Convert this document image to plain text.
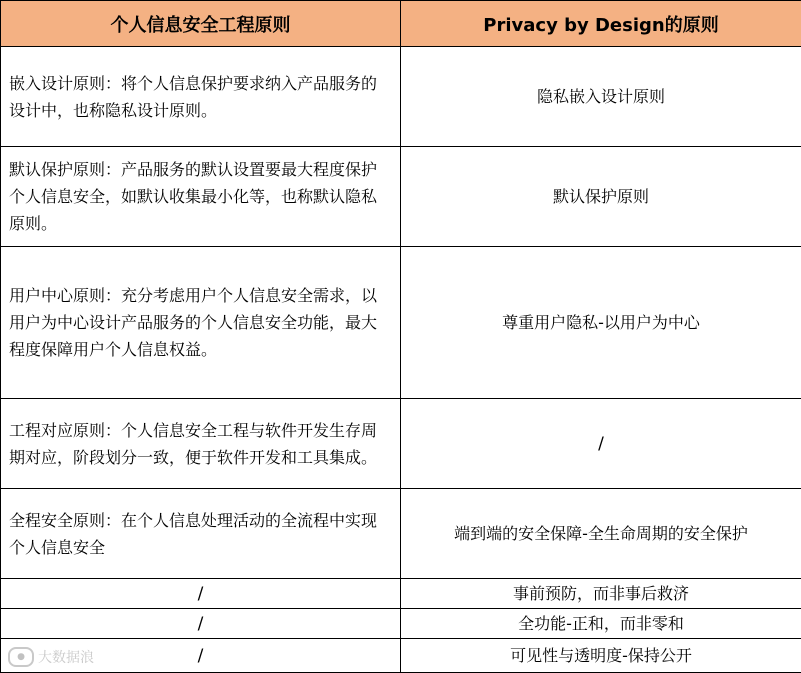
个人信息安全工程原则	Privacy by Design的原则
嵌入设计原则：将个人信息保护要求纳入产品服务的设计中，也称隐私设计原则。	隐私嵌入设计原则
默认保护原则：产品服务的默认设置要最大程度保护个人信息安全，如默认收集最小化等，也称默认隐私原则。	默认保护原则
用户中心原则：充分考虑用户个人信息安全需求，以用户为中心设计产品服务的个人信息安全功能，最大程度保障用户个人信息权益。	尊重用户隐私-以用户为中心
工程对应原则：个人信息安全工程与软件开发生存周期对应，阶段划分一致，便于软件开发和工具集成。	/
全程安全原则：在个人信息处理活动的全流程中实现个人信息安全	端到端的安全保障-全生命周期的安全保护
/	事前预防，而非事后救济
/	全功能-正和，而非零和
/	可见性与透明度-保持公开
● 大数据浪
